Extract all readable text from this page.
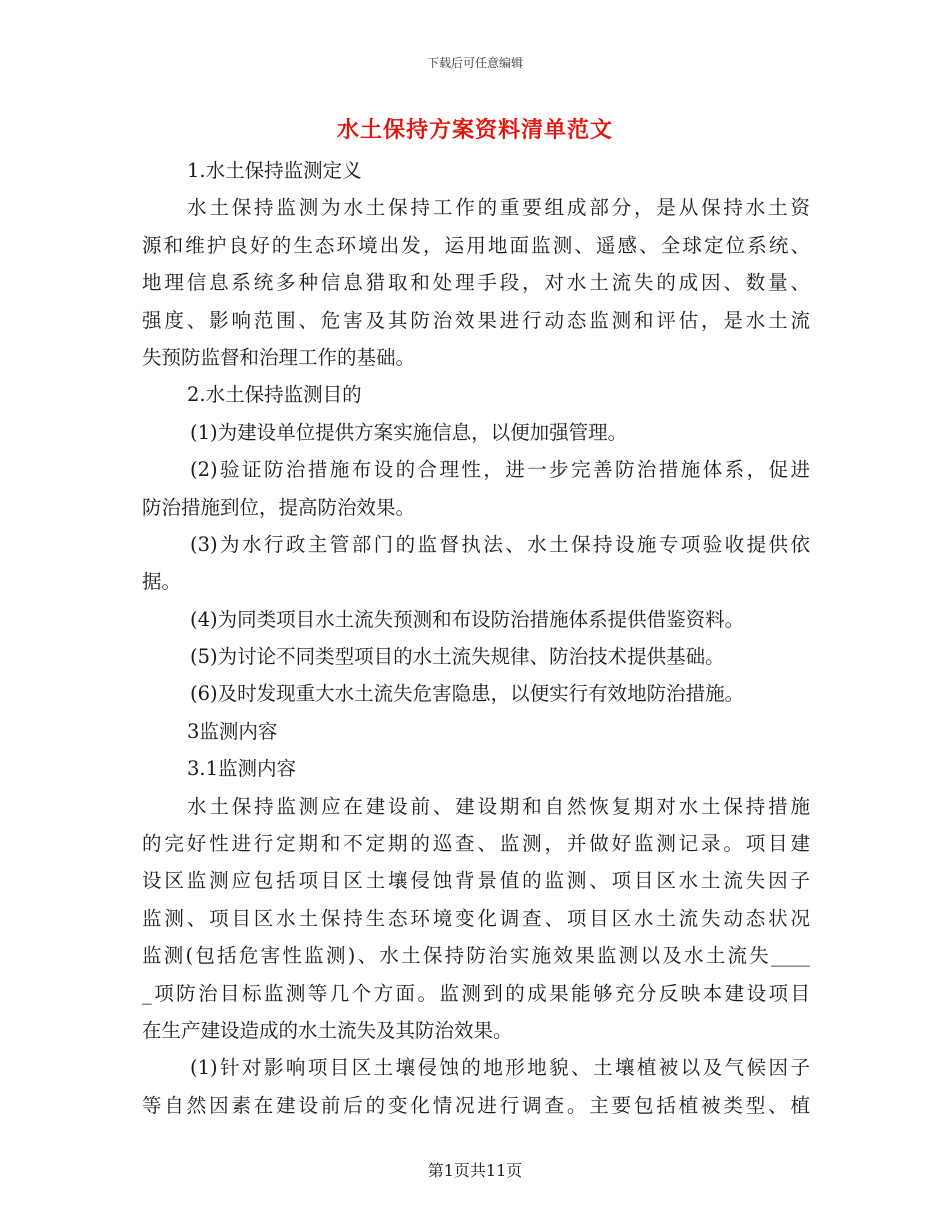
下载后可任意编辑
水土保持方案资料清单范文
1.水土保持监测定义
水土保持监测为水土保持工作的重要组成部分，是从保持水土资
源和维护良好的生态环境出发，运用地面监测、遥感、全球定位系统、
地理信息系统多种信息猎取和处理手段，对水土流失的成因、数量、
强度、影响范围、危害及其防治效果进行动态监测和评估，是水土流
失预防监督和治理工作的基础。
2.水土保持监测目的
(1)为建设单位提供方案实施信息，以便加强管理。
(2)验证防治措施布设的合理性，进一步完善防治措施体系，促进
防治措施到位，提高防治效果。
(3)为水行政主管部门的监督执法、水土保持设施专项验收提供依
据。
(4)为同类项目水土流失预测和布设防治措施体系提供借鉴资料。
(5)为讨论不同类型项目的水土流失规律、防治技术提供基础。
(6)及时发现重大水土流失危害隐患，以便实行有效地防治措施。
3监测内容
3.1监测内容
水土保持监测应在建设前、建设期和自然恢复期对水土保持措施
的完好性进行定期和不定期的巡查、监测，并做好监测记录。项目建
设区监测应包括项目区土壤侵蚀背景值的监测、项目区水土流失因子
监测、项目区水土保持生态环境变化调查、项目区水土流失动态状况
监测(包括危害性监测)、水土保持防治实施效果监测以及水土流失____
_项防治目标监测等几个方面。监测到的成果能够充分反映本建设项目
在生产建设造成的水土流失及其防治效果。
(1)针对影响项目区土壤侵蚀的地形地貌、土壤植被以及气候因子
等自然因素在建设前后的变化情况进行调查。主要包括植被类型、植
第1页共11页
